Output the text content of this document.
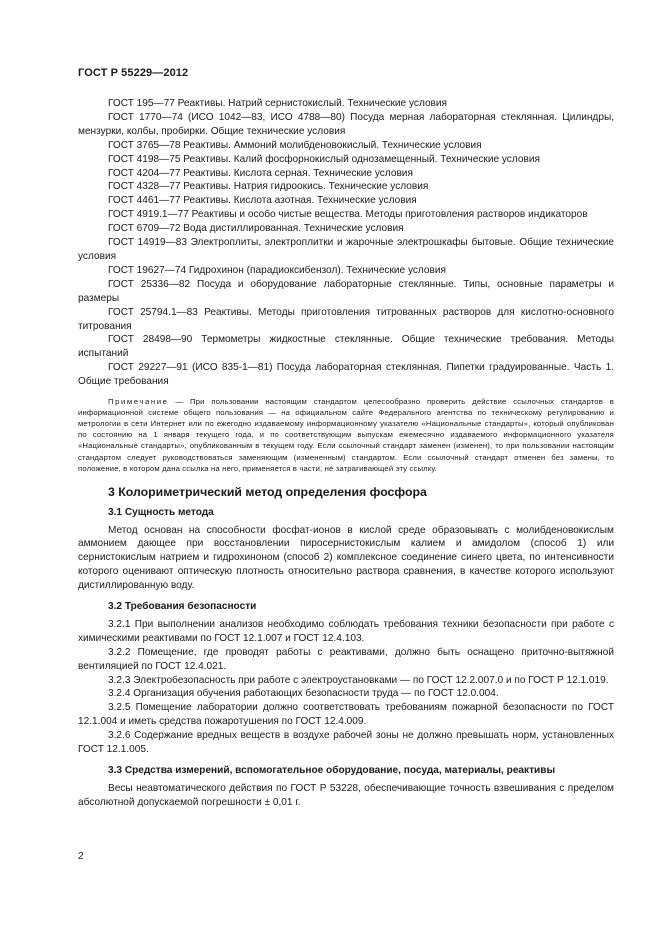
ГОСТ Р 55229—2012

ГОСТ 195—77 Реактивы. Натрий сернистокислый. Технические условия

ГОСТ 1770—74 (ИСО 1042—83, ИСО 4788—80) Посуда мерная лабораторная стеклянная. Цилиндры, мензурки, колбы, пробирки. Общие технические условия

ГОСТ 3765—78 Реактивы. Аммоний молибденовокислый. Технические условия

ГОСТ 4198—75 Реактивы. Калий фосфорнокислый однозамещенный. Технические условия

ГОСТ 4204—77 Реактивы. Кислота серная. Технические условия

ГОСТ 4328—77 Реактивы. Натрия гидроокись. Технические условия

ГОСТ 4461—77 Реактивы. Кислота азотная. Технические условия

ГОСТ 4919.1—77 Реактивы и особо чистые вещества. Методы приготовления растворов индикаторов

ГОСТ 6709—72 Вода дистиллированная. Технические условия

ГОСТ 14919—83 Электроплиты, электроплитки и жарочные электрошкафы бытовые. Общие технические условия

ГОСТ 19627—74 Гидрохинон (парадиоксибензол). Технические условия

ГОСТ 25336—82 Посуда и оборудование лабораторные стеклянные. Типы, основные параметры и размеры

ГОСТ 25794.1—83 Реактивы. Методы приготовления титрованных растворов для кислотно-основного титрования

ГОСТ 28498—90 Термометры жидкостные стеклянные. Общие технические требования. Методы испытаний

ГОСТ 29227—91 (ИСО 835-1—81) Посуда лабораторная стеклянная. Пипетки градуированные. Часть 1. Общие требования

Примечание — При пользовании настоящим стандартом целесообразно проверить действие ссылочных стандартов в информационной системе общего пользования — на официальном сайте Федерального агентства по техническому регулированию и метрологии в сети Интернет или по ежегодно издаваемому информационному указателю «Национальные стандарты», который опубликован по состоянию на 1 января текущего года, и по соответствующим выпускам ежемесячно издаваемого информационного указателя «Национальные стандарты», опубликованным в текущем году. Если ссылочный стандарт заменен (изменен), то при пользовании настоящим стандартом следует руководствоваться заменяющим (измененным) стандартом. Если ссылочный стандарт отменен без замены, то положение, в котором дана ссылка на него, применяется в части, не затрагивающей эту ссылку.

3 Колориметрический метод определения фосфора
3.1 Сущность метода

Метод основан на способности фосфат-ионов в кислой среде образовывать с молибденовокислым аммонием дающее при восстановлении пиросернистокислым калием и амидолом (способ 1) или сернистокислым натрием и гидрохиноном (способ 2) комплексное соединение синего цвета, по интенсивности которого оценивают оптическую плотность относительно раствора сравнения, в качестве которого используют дистиллированную воду.

3.2 Требования безопасности

3.2.1 При выполнении анализов необходимо соблюдать требования техники безопасности при работе с химическими реактивами по ГОСТ 12.1.007 и ГОСТ 12.4.103.

3.2.2 Помещение, где проводят работы с реактивами, должно быть оснащено приточно-вытяжной вентиляцией по ГОСТ 12.4.021.

3.2.3 Электробезопасность при работе с электроустановками — по ГОСТ 12.2.007.0 и по ГОСТ Р 12.1.019.

3.2.4 Организация обучения работающих безопасности труда — по ГОСТ 12.0.004.

3.2.5 Помещение лаборатории должно соответствовать требованиям пожарной безопасности по ГОСТ 12.1.004 и иметь средства пожаротушения по ГОСТ 12.4.009.

3.2.6 Содержание вредных веществ в воздухе рабочей зоны не должно превышать норм, установленных ГОСТ 12.1.005.

3.3 Средства измерений, вспомогательное оборудование, посуда, материалы, реактивы

Весы неавтоматического действия по ГОСТ Р 53228, обеспечивающие точность взвешивания с пределом абсолютной допускаемой погрешности ± 0,01 г.

2
